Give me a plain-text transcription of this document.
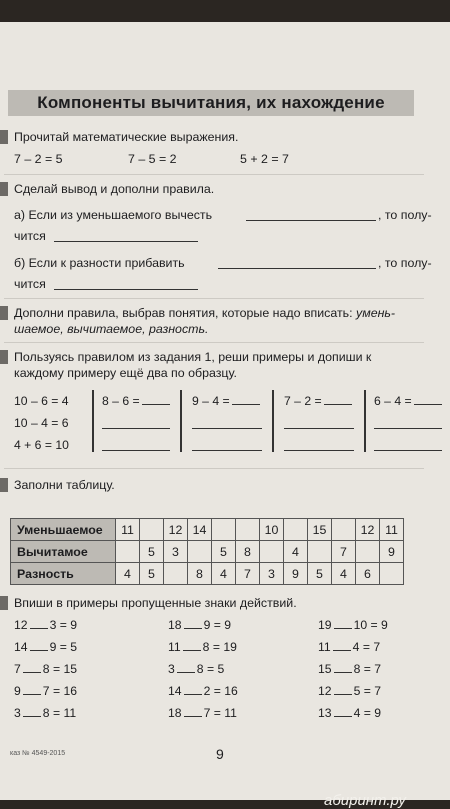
Компоненты вычитания, их нахождение
Прочитай математические выражения.
7 – 2 = 5	7 – 5 = 2	5 + 2 = 7
Сделай вывод и дополни правила.
а) Если из уменьшаемого вычесть	, то полу-
чится
б) Если к разности прибавить	, то полу-
чится
Дополни правила, выбрав понятия, которые надо вписать: умень-
шаемое, вычитаемое, разность.
Пользуясь правилом из задания 1, реши примеры и допиши к
каждому примеру ещё два по образцу.
10 – 6 = 4
10 – 4 = 6
4 + 6 = 10
8 – 6 =	9 – 4 =	7 – 2 =	6 – 4 =
Заполни таблицу.
Уменьшаемое	11		12	14			10		15		12	11
Вычитамое		5	3		5	8		4		7		9
Разность	4	5		8	4	7	3	9	5	4	6	
Впиши в примеры пропущенные знаки действий.
12 3 = 9
14 9 = 5
7 8 = 15
9 7 = 16
3 8 = 11
18 9 = 9
11 8 = 19
3 8 = 5
14 2 = 16
18 7 = 11
19 10 = 9
11 4 = 7
15 8 = 7
12 5 = 7
13 4 = 9
каз № 4549-2015	9
абиринт.ру
